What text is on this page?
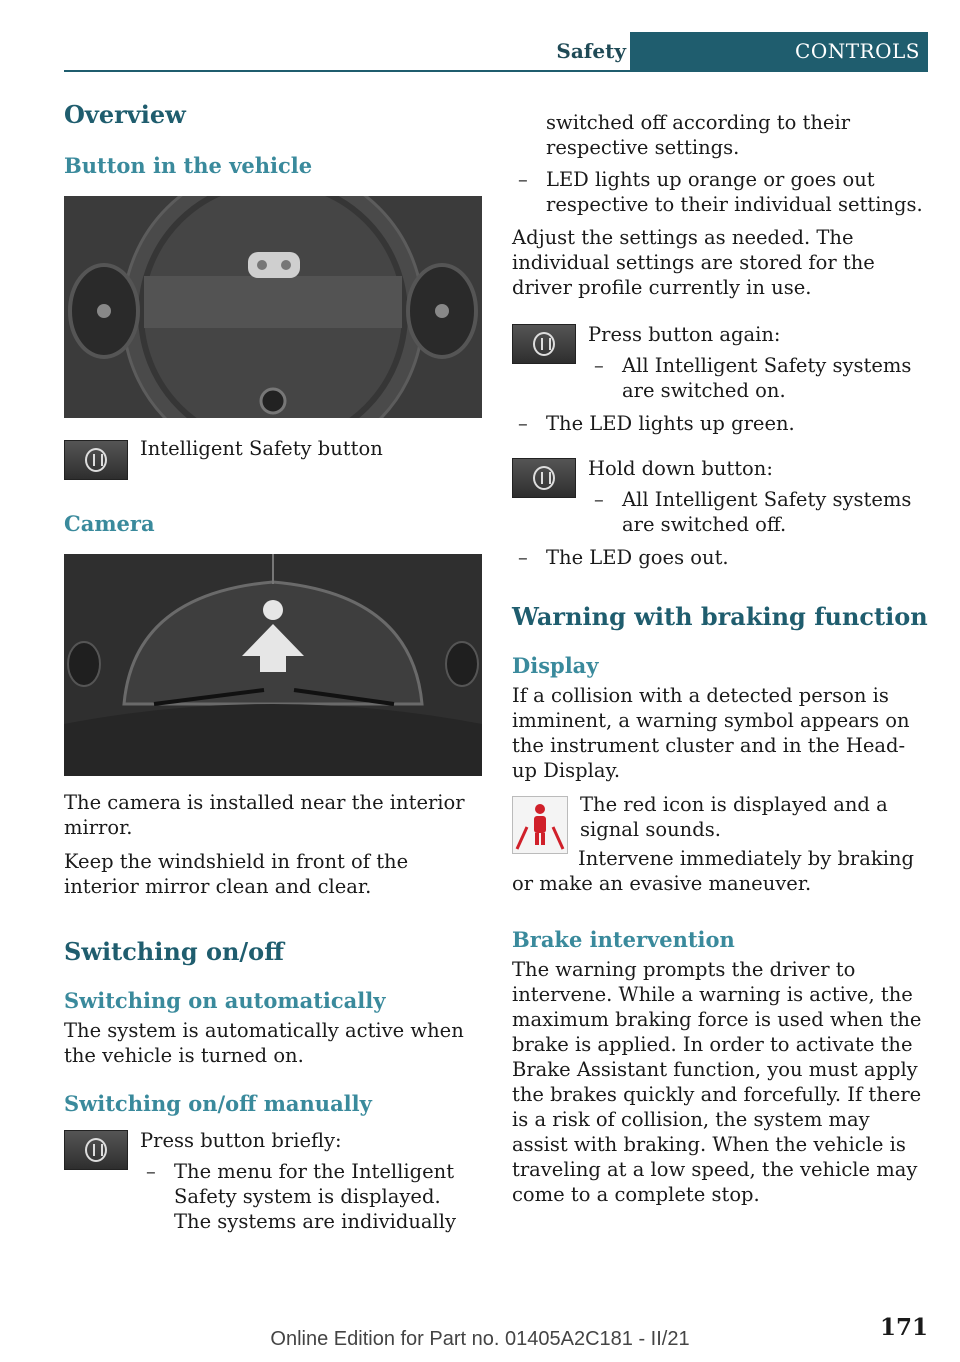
Safety	CONTROLS
Overview
Button in the vehicle

Intelligent Safety button

Camera

The camera is installed near the interior mirror.

Keep the windshield in front of the interior mirror clean and clear.

Switching on/off
Switching on automatically

The system is automatically active when the vehicle is turned on.

Switching on/off manually

Press button briefly:

– The menu for the Intelligent Safety system is displayed. The systems are individually

switched off according to their respective settings.

– LED lights up orange or goes out respective to their individual settings.

Adjust the settings as needed. The individual settings are stored for the driver profile currently in use.

Press button again:

– All Intelligent Safety systems are switched on.
– The LED lights up green.

Hold down button:

– All Intelligent Safety systems are switched off.
– The LED goes out.
Warning with braking function
Display

If a collision with a detected person is imminent, a warning symbol appears on the instrument cluster and in the Head-up Display.

The red icon is displayed and a signal sounds.

Intervene immediately by braking or make an evasive maneuver.

Brake intervention

The warning prompts the driver to intervene. While a warning is active, the maximum braking force is used when the brake is applied. In order to activate the Brake Assistant function, you must apply the brakes quickly and forcefully. If there is a risk of collision, the system may assist with braking. When the vehicle is traveling at a low speed, the vehicle may come to a complete stop.

171
Online Edition for Part no. 01405A2C181 - II/21
